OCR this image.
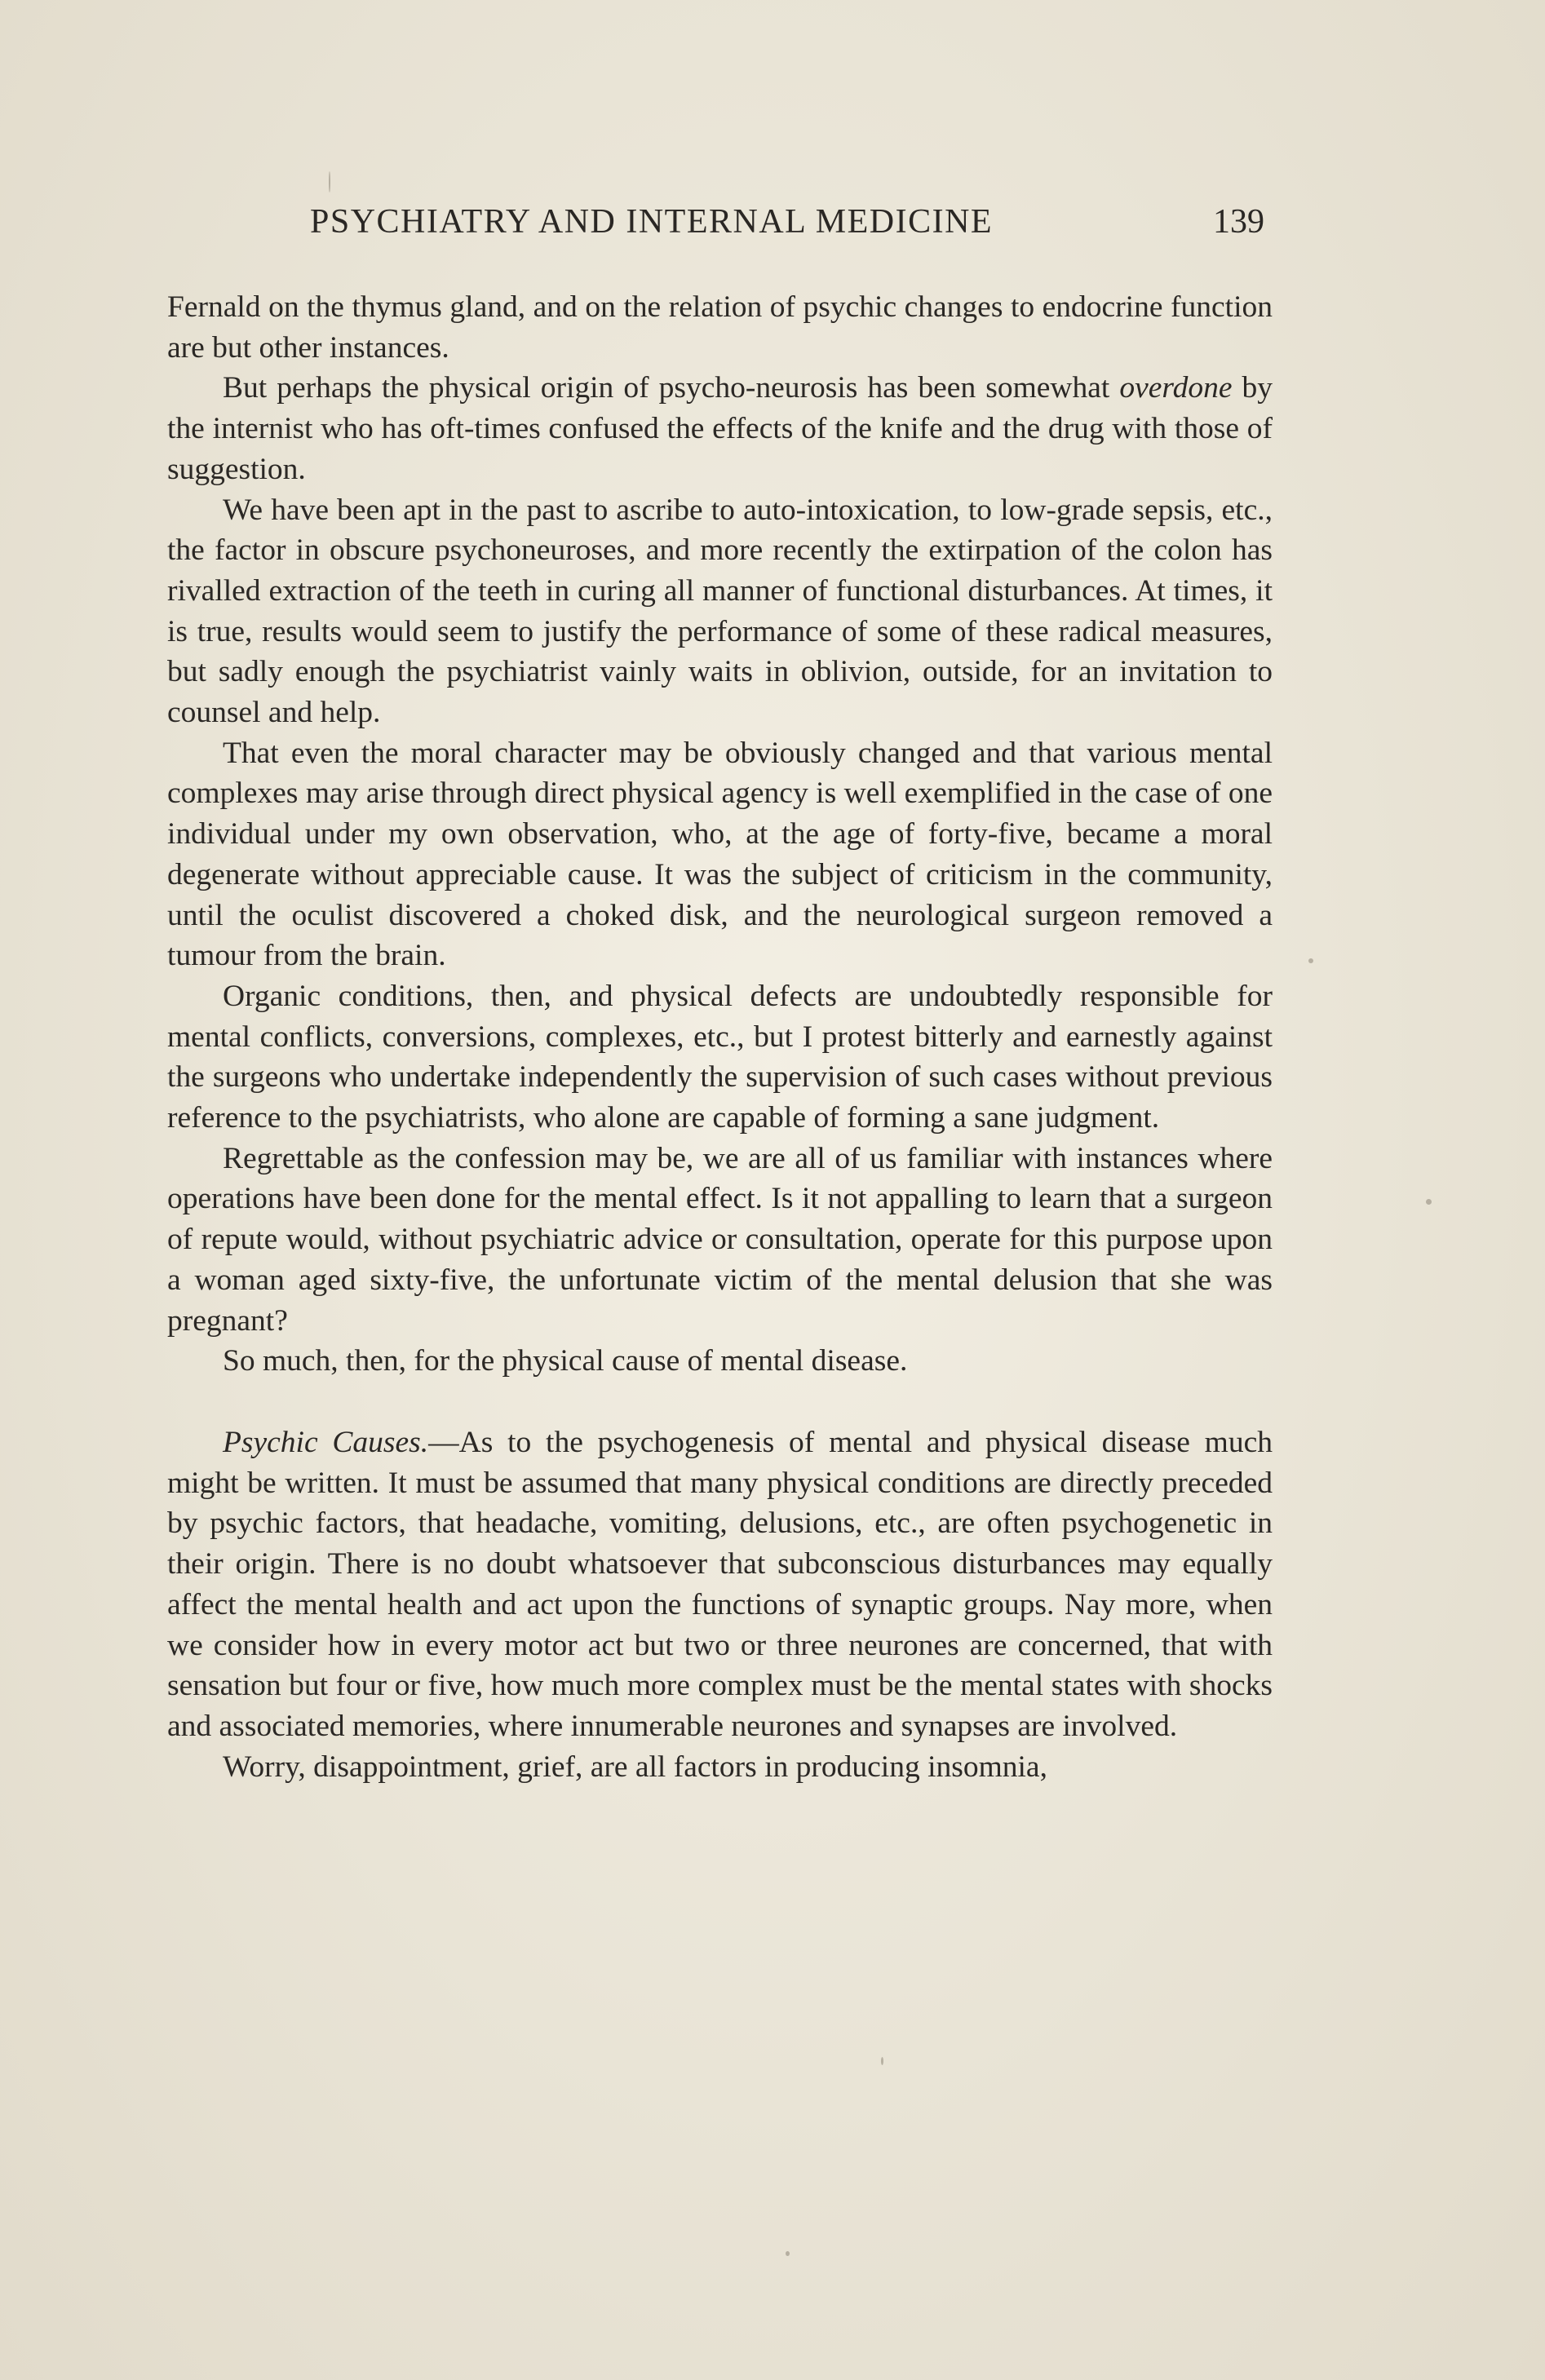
PSYCHIATRY AND INTERNAL MEDICINE	139

Fernald on the thymus gland, and on the relation of psychic changes to endocrine function are but other instances.

But perhaps the physical origin of psycho-neurosis has been somewhat overdone by the internist who has oft-times confused the effects of the knife and the drug with those of suggestion.

We have been apt in the past to ascribe to auto-intoxication, to low-grade sepsis, etc., the factor in obscure psychoneuroses, and more recently the extirpation of the colon has rivalled extraction of the teeth in curing all manner of functional disturbances. At times, it is true, results would seem to justify the performance of some of these radical measures, but sadly enough the psychiatrist vainly waits in oblivion, outside, for an invitation to counsel and help.

That even the moral character may be obviously changed and that various mental complexes may arise through direct physical agency is well exemplified in the case of one individual under my own observation, who, at the age of forty-five, became a moral degenerate without appreciable cause. It was the subject of criticism in the community, until the oculist discovered a choked disk, and the neurological surgeon removed a tumour from the brain.

Organic conditions, then, and physical defects are undoubtedly responsible for mental conflicts, conversions, complexes, etc., but I protest bitterly and earnestly against the surgeons who undertake independently the supervision of such cases without previous reference to the psychiatrists, who alone are capable of forming a sane judgment.

Regrettable as the confession may be, we are all of us familiar with instances where operations have been done for the mental effect. Is it not appalling to learn that a surgeon of repute would, without psychiatric advice or consultation, operate for this purpose upon a woman aged sixty-five, the unfortunate victim of the mental delusion that she was pregnant?

So much, then, for the physical cause of mental disease.

Psychic Causes.—As to the psychogenesis of mental and physical disease much might be written. It must be assumed that many physical conditions are directly preceded by psychic factors, that headache, vomiting, delusions, etc., are often psychogenetic in their origin. There is no doubt whatsoever that subconscious disturbances may equally affect the mental health and act upon the functions of synaptic groups. Nay more, when we consider how in every motor act but two or three neurones are concerned, that with sensation but four or five, how much more complex must be the mental states with shocks and associated memories, where innumerable neurones and synapses are involved.

Worry, disappointment, grief, are all factors in producing insomnia,
